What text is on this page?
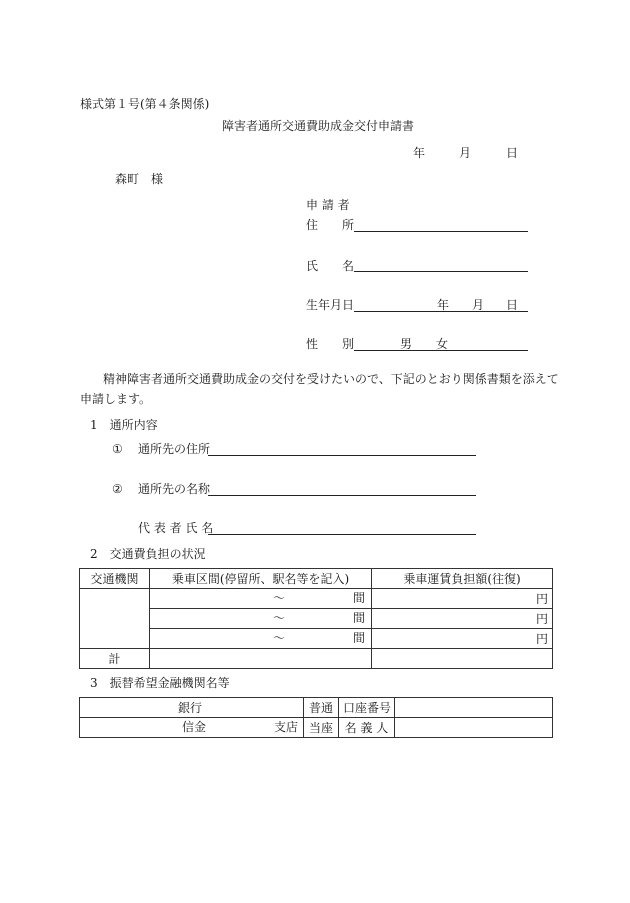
様式第１号(第４条関係)
障害者通所交通費助成金交付申請書
年	月	日
森町　様
申 請 者
住　　所
氏　　名
生年月日	年 月 日
性　　別	男 女
精神障害者通所交通費助成金の交付を受けたいので、下記のとおり関係書類を添えて
申請します。
1　通所内容
① 通所先の住所
② 通所先の名称
代 表 者 氏 名
2　交通費負担の状況
交通機関	乗車区間(停留所、駅名等を記入)	乗車運賃負担額(往復)

	～ 間	円

	～ 間	円

	～ 間	円
計		
3　振替希望金融機関名等
銀行	普通	口座番号	

信金 支店	当座	名 義 人	
